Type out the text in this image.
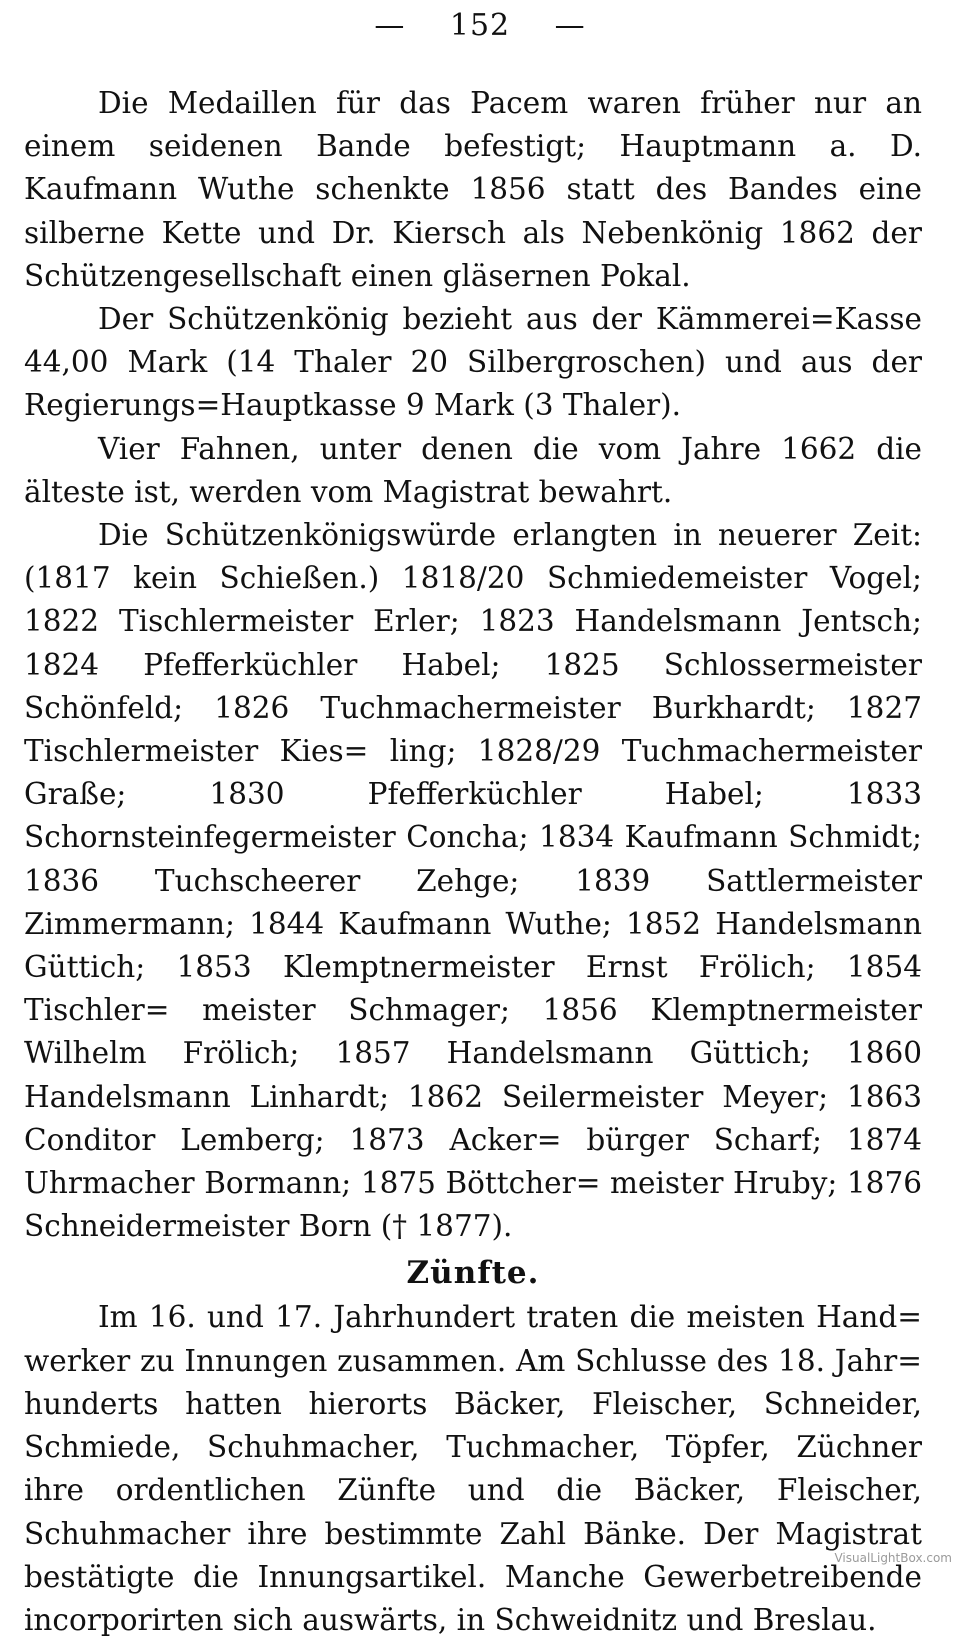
— 152 —

Die Medaillen für das Pacem waren früher nur an einem seidenen Bande befestigt; Hauptmann a. D. Kaufmann Wuthe schenkte 1856 statt des Bandes eine silberne Kette und Dr. Kiersch als Nebenkönig 1862 der Schützengesellschaft einen gläsernen Pokal.

Der Schützenkönig bezieht aus der Kämmerei=Kasse 44,00 Mark (14 Thaler 20 Silbergroschen) und aus der Regierungs=Hauptkasse 9 Mark (3 Thaler).

Vier Fahnen, unter denen die vom Jahre 1662 die älteste ist, werden vom Magistrat bewahrt.

Die Schützenkönigswürde erlangten in neuerer Zeit: (1817 kein Schießen.) 1818/20 Schmiedemeister Vogel; 1822 Tischlermeister Erler; 1823 Handelsmann Jentsch; 1824 Pfefferküchler Habel; 1825 Schlossermeister Schönfeld; 1826 Tuchmachermeister Burkhardt; 1827 Tischlermeister Kies= ling; 1828/29 Tuchmachermeister Graße; 1830 Pfefferküchler Habel; 1833 Schornsteinfegermeister Concha; 1834 Kaufmann Schmidt; 1836 Tuchscheerer Zehge; 1839 Sattlermeister Zimmermann; 1844 Kaufmann Wuthe; 1852 Handelsmann Güttich; 1853 Klemptnermeister Ernst Frölich; 1854 Tischler= meister Schmager; 1856 Klemptnermeister Wilhelm Frölich; 1857 Handelsmann Güttich; 1860 Handelsmann Linhardt; 1862 Seilermeister Meyer; 1863 Conditor Lemberg; 1873 Acker= bürger Scharf; 1874 Uhrmacher Bormann; 1875 Böttcher= meister Hruby; 1876 Schneidermeister Born († 1877).

Zünfte.

Im 16. und 17. Jahrhundert traten die meisten Hand= werker zu Innungen zusammen. Am Schlusse des 18. Jahr= hunderts hatten hierorts Bäcker, Fleischer, Schneider, Schmiede, Schuhmacher, Tuchmacher, Töpfer, Züchner ihre ordentlichen Zünfte und die Bäcker, Fleischer, Schuhmacher ihre bestimmte Zahl Bänke. Der Magistrat bestätigte die Innungsartikel. Manche Gewerbetreibende incorporirten sich auswärts, in Schweidnitz und Breslau.

VisualLightBox.com
